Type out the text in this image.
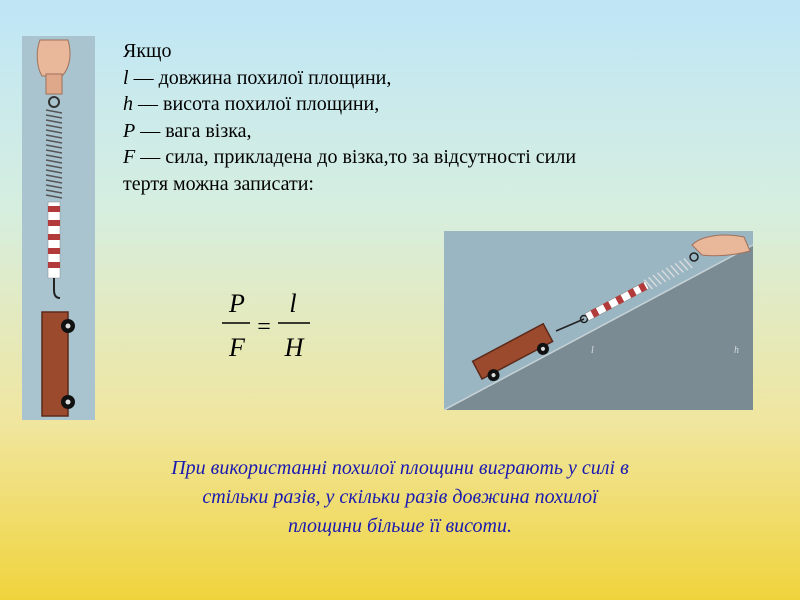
Якщо
l — довжина похилої площини,
h — висота похилої площини,
P — вага візка,
F — сила, прикладена до візка,то за відсутності сили
тертя можна записати:
P
F
=
l
H	l	h
При використанні похилої площини виграють у силі в
стільки разів, у скільки разів довжина похилої
площини більше її висоти.
